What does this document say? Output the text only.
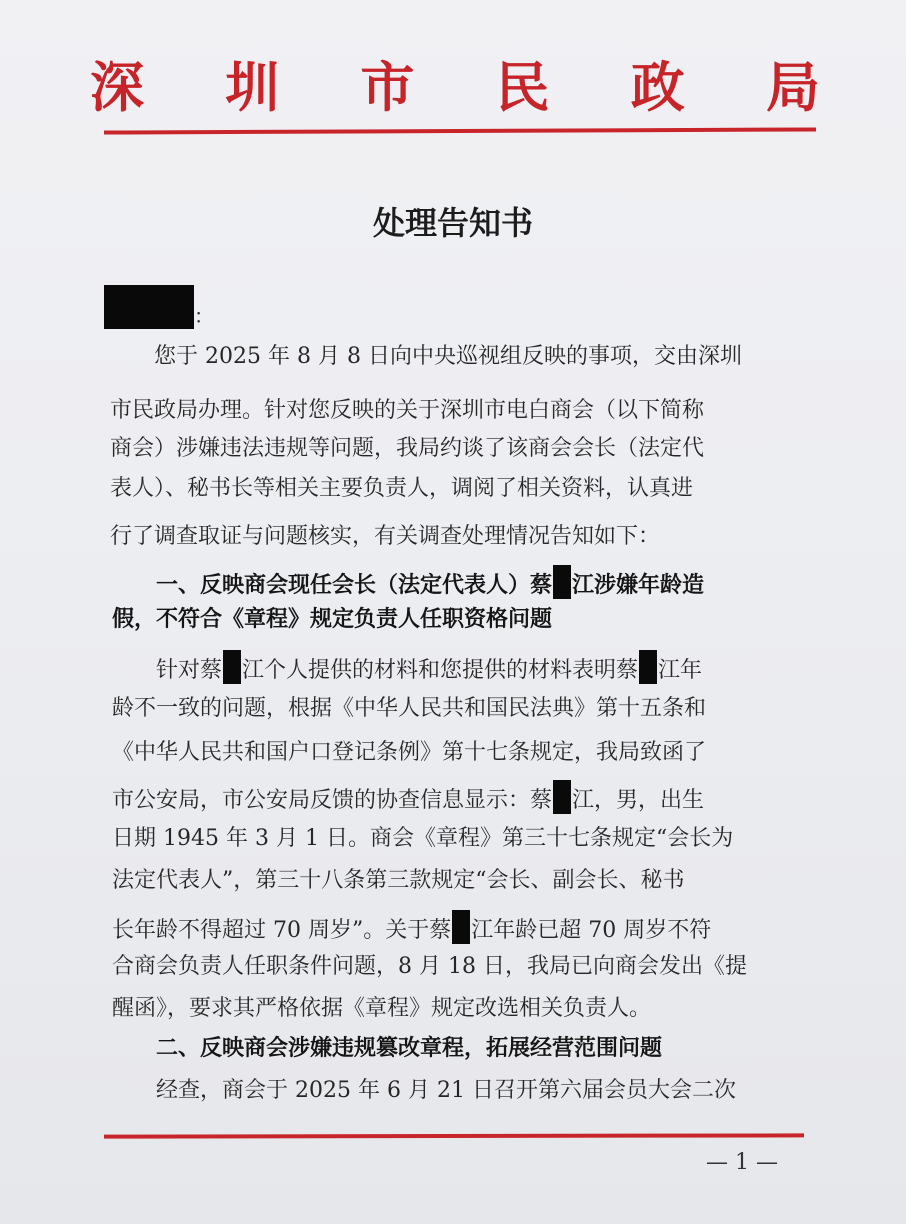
深 圳 市 民 政 局
处理告知书
：
　　您于 2025 年 8 月 8 日向中央巡视组反映的事项，交由深圳
市民政局办理。针对您反映的关于深圳市电白商会（以下简称
商会）涉嫌违法违规等问题，我局约谈了该商会会长（法定代
表人）、秘书长等相关主要负责人，调阅了相关资料，认真进
行了调查取证与问题核实，有关调查处理情况告知如下：
　　一、反映商会现任会长（法定代表人）蔡 江涉嫌年龄造
假，不符合《章程》规定负责人任职资格问题
　　针对蔡 江个人提供的材料和您提供的材料表明蔡 江年
龄不一致的问题，根据《中华人民共和国民法典》第十五条和
《中华人民共和国户口登记条例》第十七条规定，我局致函了
市公安局，市公安局反馈的协查信息显示：蔡 江，男，出生
日期 1945 年 3 月 1 日。商会《章程》第三十七条规定“会长为
法定代表人”，第三十八条第三款规定“会长、副会长、秘书
长年龄不得超过 70 周岁”。关于蔡 江年龄已超 70 周岁不符
合商会负责人任职条件问题，8 月 18 日，我局已向商会发出《提
醒函》，要求其严格依据《章程》规定改选相关负责人。
　　二、反映商会涉嫌违规篡改章程，拓展经营范围问题
　　经查，商会于 2025 年 6 月 21 日召开第六届会员大会二次
— 1 —
